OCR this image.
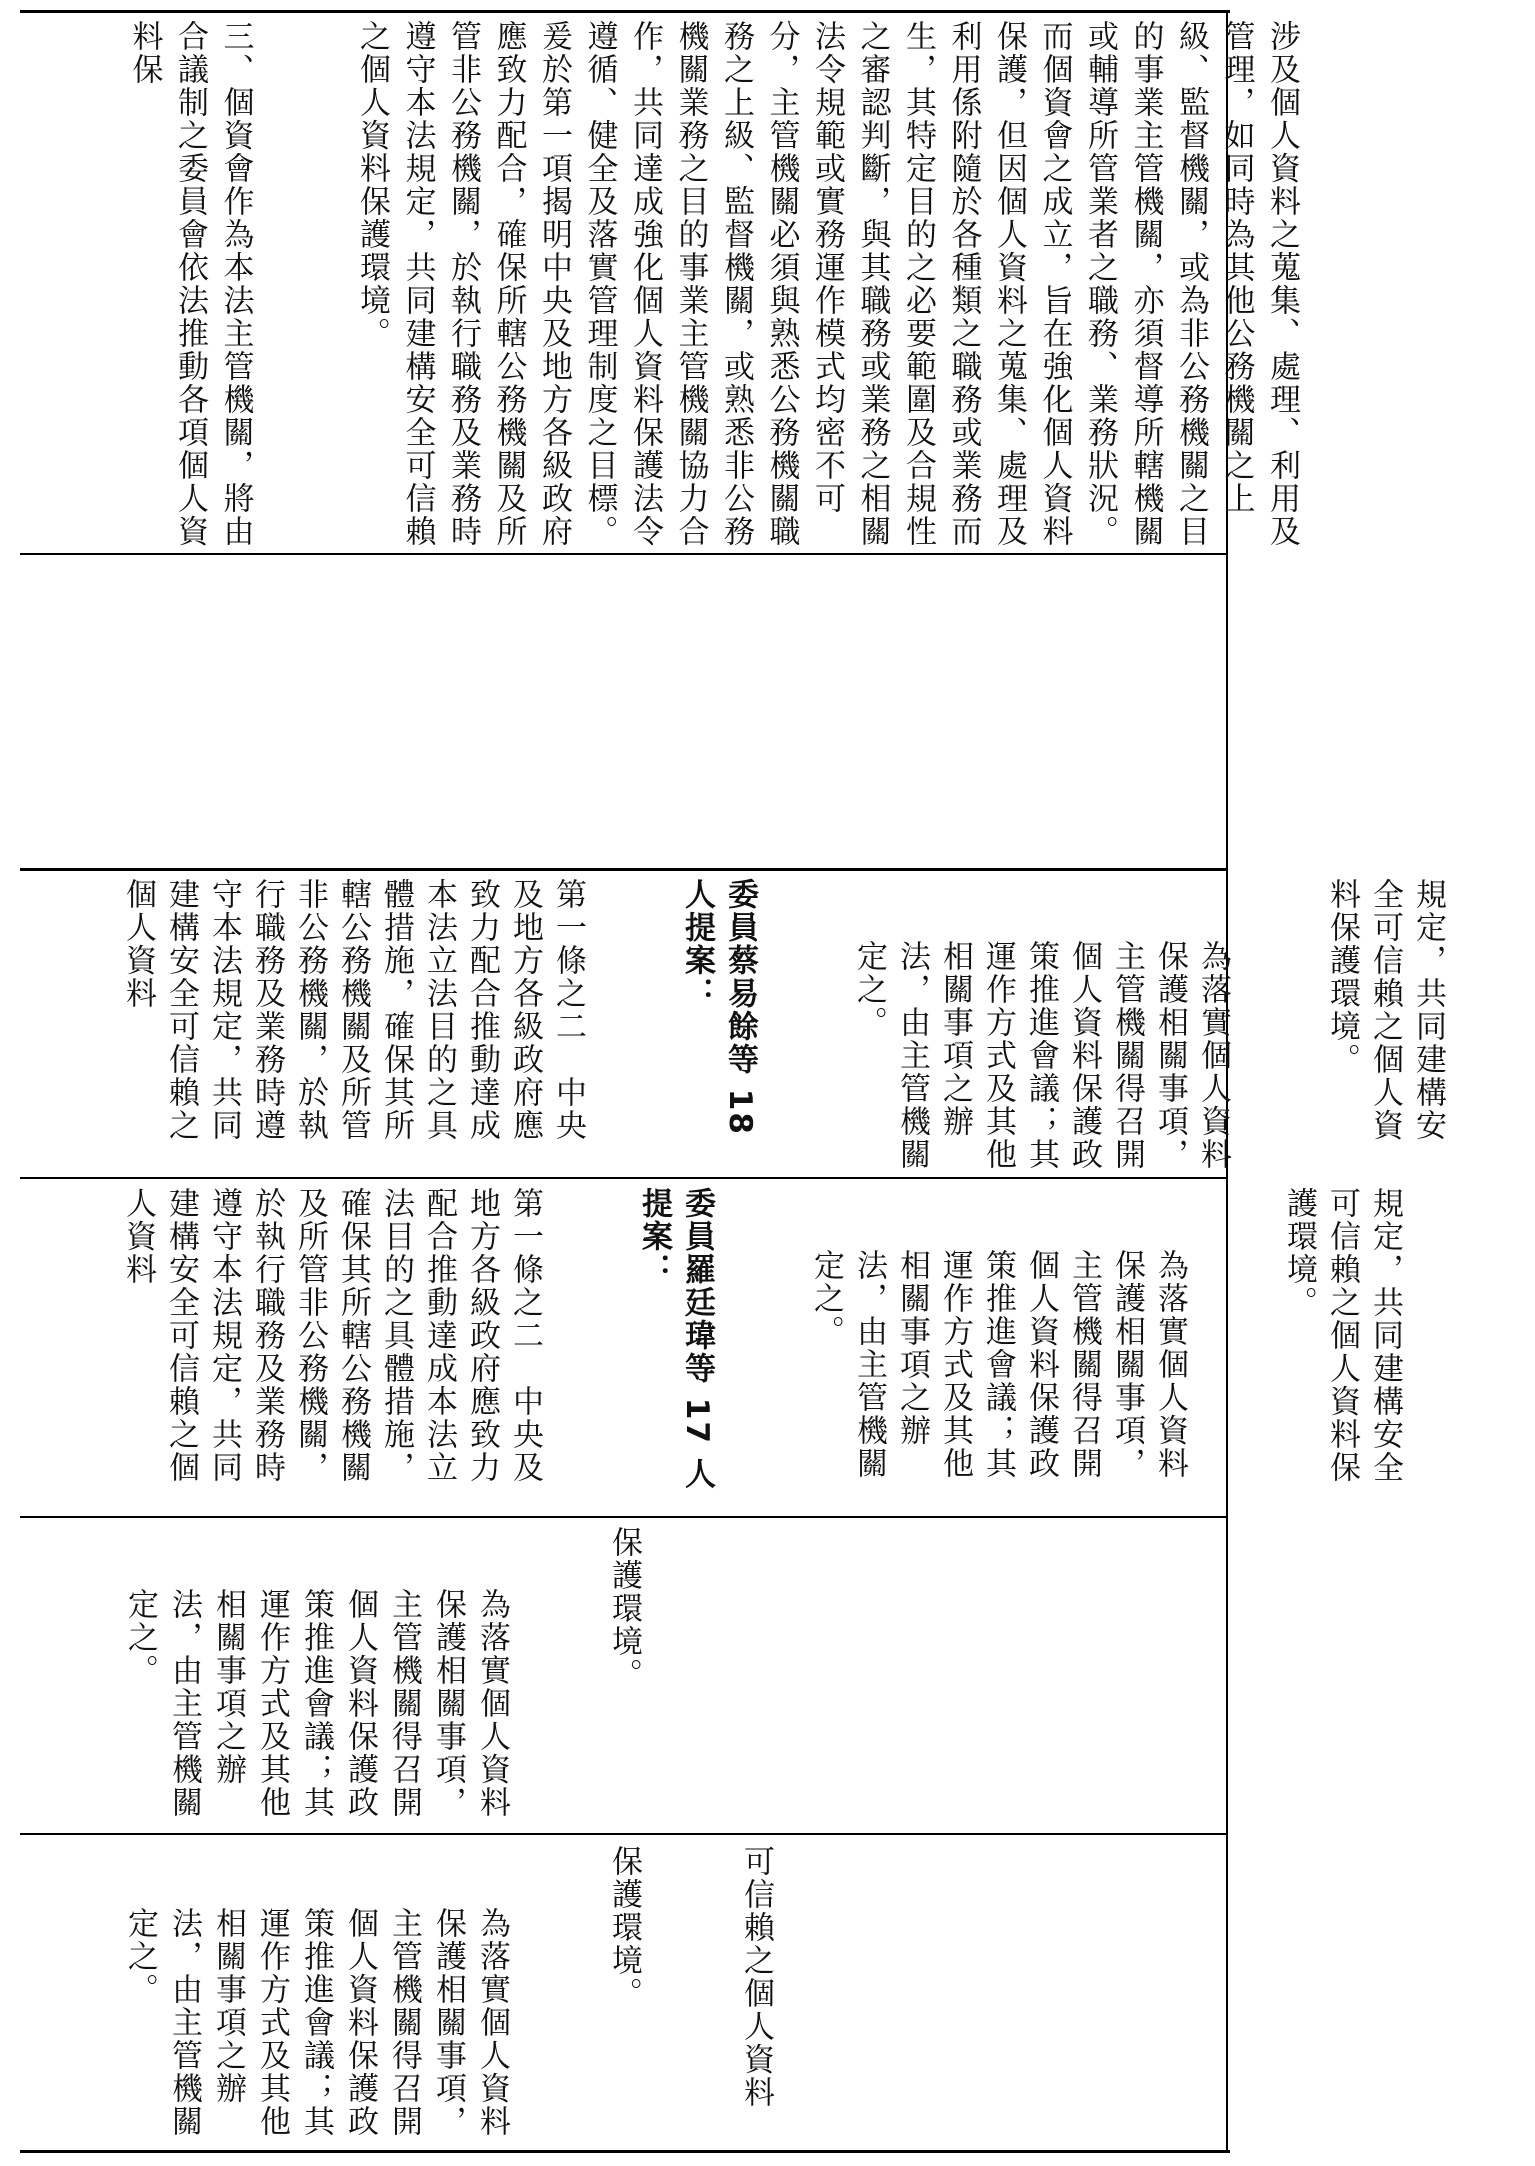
涉及個人資料之蒐集、處理、利用及管理，如同時為其他公務機關之上級、監督機關，或為非公務機關之目的事業主管機關，亦須督導所轄機關或輔導所管業者之職務、業務狀況。而個資會之成立，旨在強化個人資料保護，但因個人資料之蒐集、處理及利用係附隨於各種類之職務或業務而生，其特定目的之必要範圍及合規性之審認判斷，與其職務或業務之相關法令規範或實務運作模式均密不可分，主管機關必須與熟悉公務機關職務之上級、監督機關，或熟悉非公務機關業務之目的事業主管機關協力合作，共同達成強化個人資料保護法令遵循、健全及落實管理制度之目標。爰於第一項揭明中央及地方各級政府應致力配合，確保所轄公務機關及所管非公務機關，於執行職務及業務時遵守本法規定，共同建構安全可信賴之個人資料保護環境。

三、個資會作為本法主管機關，將由合議制之委員會依法推動各項個人資料保

規定，共同建構安全可信賴之個人資料保護環境。

為落實個人資料保護相關事項，主管機關得召開個人資料保護政策推進會議；其運作方式及其他相關事項之辦法，由主管機關定之。

委員蔡易餘等 18 人提案：

第一條之二　中央及地方各級政府應致力配合推動達成本法立法目的之具體措施，確保其所轄公務機關及所管非公務機關，於執行職務及業務時遵守本法規定，共同建構安全可信賴之個人資料

規定，共同建構安全可信賴之個人資料保護環境。

為落實個人資料保護相關事項，主管機關得召開個人資料保護政策推進會議；其運作方式及其他相關事項之辦法，由主管機關定之。

委員羅廷瑋等 17 人提案：

第一條之二　中央及地方各級政府應致力配合推動達成本法立法目的之具體措施，確保其所轄公務機關及所管非公務機關，於執行職務及業務時遵守本法規定，共同建構安全可信賴之個人資料

保護環境。

為落實個人資料保護相關事項，主管機關得召開個人資料保護政策推進會議；其運作方式及其他相關事項之辦法，由主管機關定之。

可信賴之個人資料

保護環境。

為落實個人資料保護相關事項，主管機關得召開個人資料保護政策推進會議；其運作方式及其他相關事項之辦法，由主管機關定之。
